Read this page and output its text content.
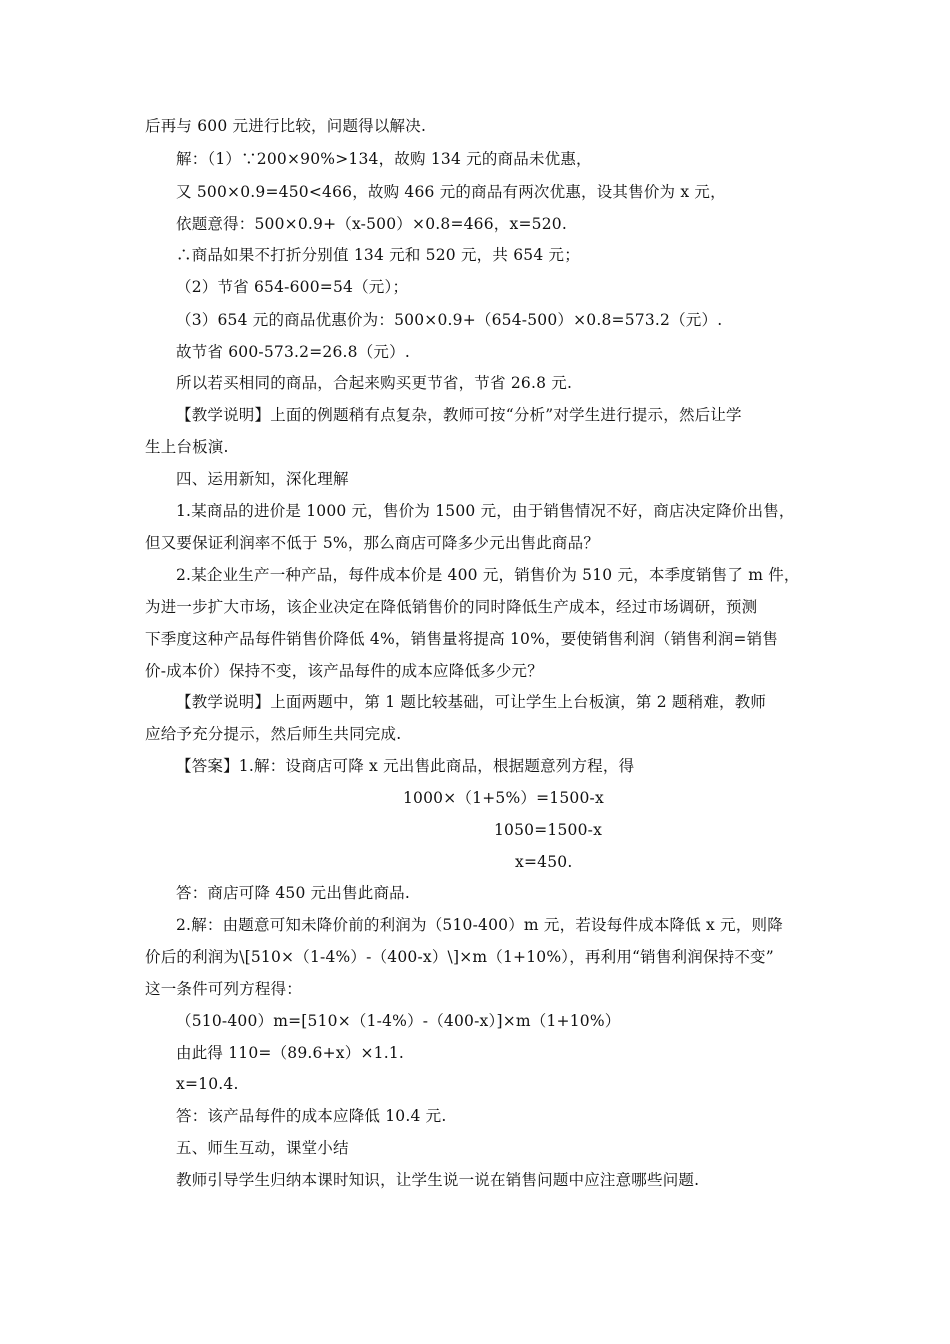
后再与 600 元进行比较，问题得以解决.
解：（1）∵200×90%>134，故购 134 元的商品未优惠，
又 500×0.9=450<466，故购 466 元的商品有两次优惠，设其售价为 x 元，
依题意得：500×0.9+（x-500）×0.8=466，x=520.
∴商品如果不打折分别值 134 元和 520 元，共 654 元；
（2）节省 654-600=54（元）；
（3）654 元的商品优惠价为：500×0.9+（654-500）×0.8=573.2（元）.
故节省 600-573.2=26.8（元）.
所以若买相同的商品，合起来购买更节省，节省 26.8 元.
【教学说明】上面的例题稍有点复杂，教师可按“分析”对学生进行提示，然后让学
生上台板演.
四、运用新知，深化理解
1.某商品的进价是 1000 元，售价为 1500 元，由于销售情况不好，商店决定降价出售，
但又要保证利润率不低于 5%，那么商店可降多少元出售此商品？
2.某企业生产一种产品，每件成本价是 400 元，销售价为 510 元，本季度销售了 m 件，
为进一步扩大市场，该企业决定在降低销售价的同时降低生产成本，经过市场调研，预测
下季度这种产品每件销售价降低 4%，销售量将提高 10%，要使销售利润（销售利润=销售
价-成本价）保持不变，该产品每件的成本应降低多少元？
【教学说明】上面两题中，第 1 题比较基础，可让学生上台板演，第 2 题稍难，教师
应给予充分提示，然后师生共同完成.
【答案】1.解：设商店可降 x 元出售此商品，根据题意列方程，得
1000×（1+5%）=1500-x
1050=1500-x
x=450.
答：商店可降 450 元出售此商品.
2.解：由题意可知未降价前的利润为（510-400）m 元，若设每件成本降低 x 元，则降
价后的利润为\[510×（1-4%）-（400-x）\]×m（1+10%），再利用“销售利润保持不变”
这一条件可列方程得：
（510-400）m=[510×（1-4%）-（400-x）]×m（1+10%）
由此得 110=（89.6+x）×1.1.
x=10.4.
答：该产品每件的成本应降低 10.4 元.
五、师生互动，课堂小结
教师引导学生归纳本课时知识，让学生说一说在销售问题中应注意哪些问题.
